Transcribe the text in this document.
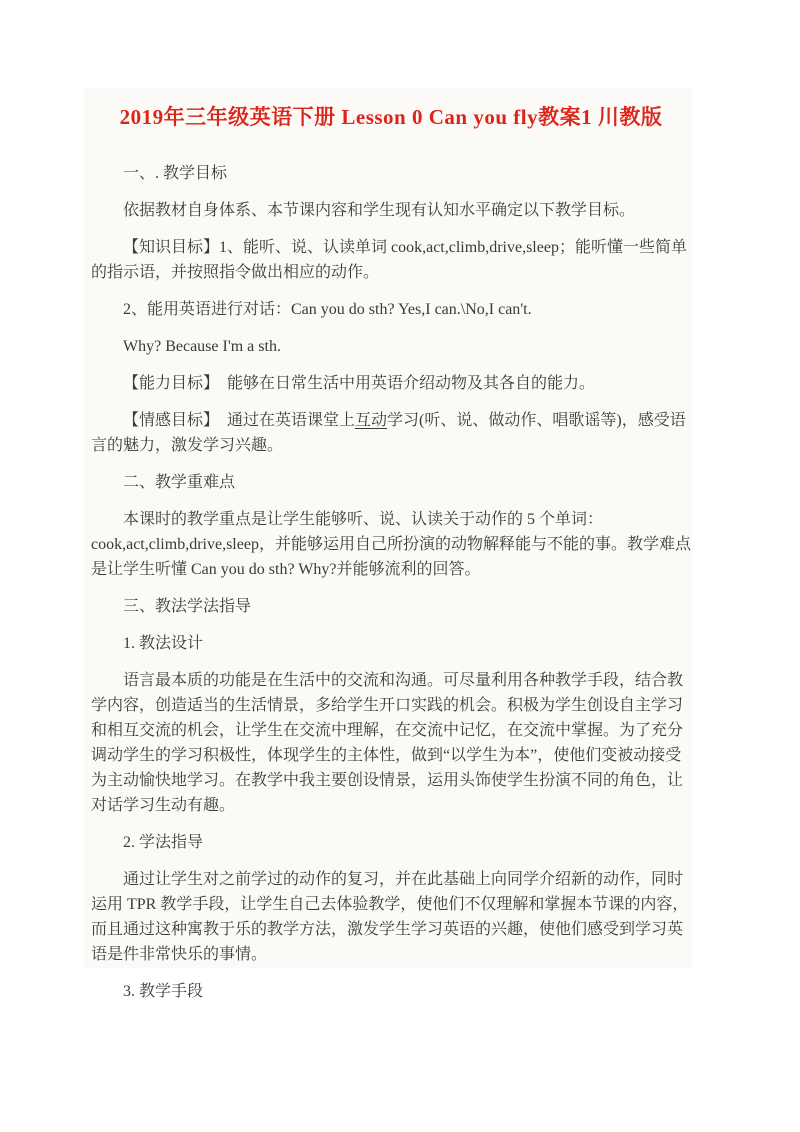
2019年三年级英语下册 Lesson 0 Can you fly教案1 川教版

一、. 教学目标

依据教材自身体系、本节课内容和学生现有认知水平确定以下教学目标。

【知识目标】1、能听、说、认读单词 cook,act,climb,drive,sleep；能听懂一些简单的指示语，并按照指令做出相应的动作。

2、能用英语进行对话：Can you do sth? Yes,I can.\No,I can't.

Why? Because I'm a sth.

【能力目标】　能够在日常生活中用英语介绍动物及其各自的能力。

【情感目标】　通过在英语课堂上互动学习(听、说、做动作、唱歌谣等)，感受语言的魅力，激发学习兴趣。

二、教学重难点

本课时的教学重点是让学生能够听、说、认读关于动作的 5 个单词：cook,act,climb,drive,sleep，并能够运用自己所扮演的动物解释能与不能的事。教学难点是让学生听懂 Can you do sth? Why?并能够流利的回答。

三、教法学法指导

1. 教法设计

语言最本质的功能是在生活中的交流和沟通。可尽量利用各种教学手段，结合教学内容，创造适当的生活情景，多给学生开口实践的机会。积极为学生创设自主学习和相互交流的机会，让学生在交流中理解，在交流中记忆，在交流中掌握。为了充分调动学生的学习积极性，体现学生的主体性，做到“以学生为本”，使他们变被动接受为主动愉快地学习。在教学中我主要创设情景，运用头饰使学生扮演不同的角色，让对话学习生动有趣。

2. 学法指导

通过让学生对之前学过的动作的复习，并在此基础上向同学介绍新的动作，同时运用 TPR 教学手段，让学生自己去体验教学，使他们不仅理解和掌握本节课的内容，而且通过这种寓教于乐的教学方法，激发学生学习英语的兴趣，使他们感受到学习英语是件非常快乐的事情。

3. 教学手段
